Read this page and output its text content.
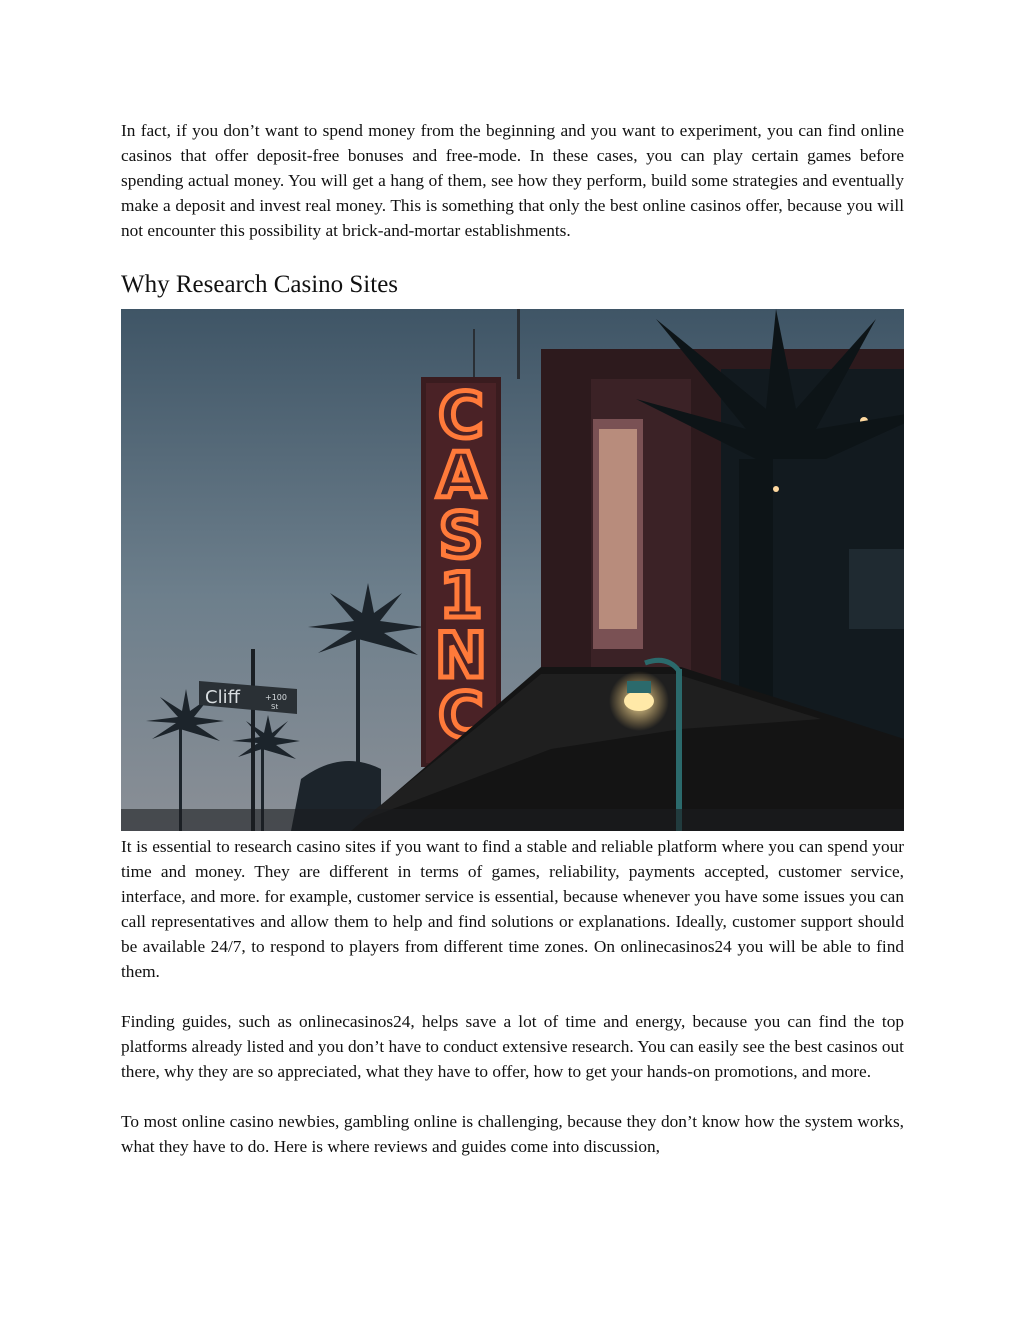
In fact, if you don’t want to spend money from the beginning and you want to experiment, you can find online casinos that offer deposit-free bonuses and free-mode. In these cases, you can play certain games before spending actual money. You will get a hang of them, see how they perform, build some strategies and eventually make a deposit and invest real money. This is something that only the best online casinos offer, because you will not encounter this possibility at brick-and-mortar establishments.

Why Research Casino Sites
C
A
S
1
N
C
Cliff	+100
St

It is essential to research casino sites if you want to find a stable and reliable platform where you can spend your time and money. They are different in terms of games, reliability, payments accepted, customer service, interface, and more. for example, customer service is essential, because whenever you have some issues you can call representatives and allow them to help and find solutions or explanations. Ideally, customer support should be available 24/7, to respond to players from different time zones. On onlinecasinos24 you will be able to find them.

Finding guides, such as onlinecasinos24, helps save a lot of time and energy, because you can find the top platforms already listed and you don’t have to conduct extensive research. You can easily see the best casinos out there, why they are so appreciated, what they have to offer, how to get your hands-on promotions, and more.

To most online casino newbies, gambling online is challenging, because they don’t know how the system works, what they have to do. Here is where reviews and guides come into discussion,
